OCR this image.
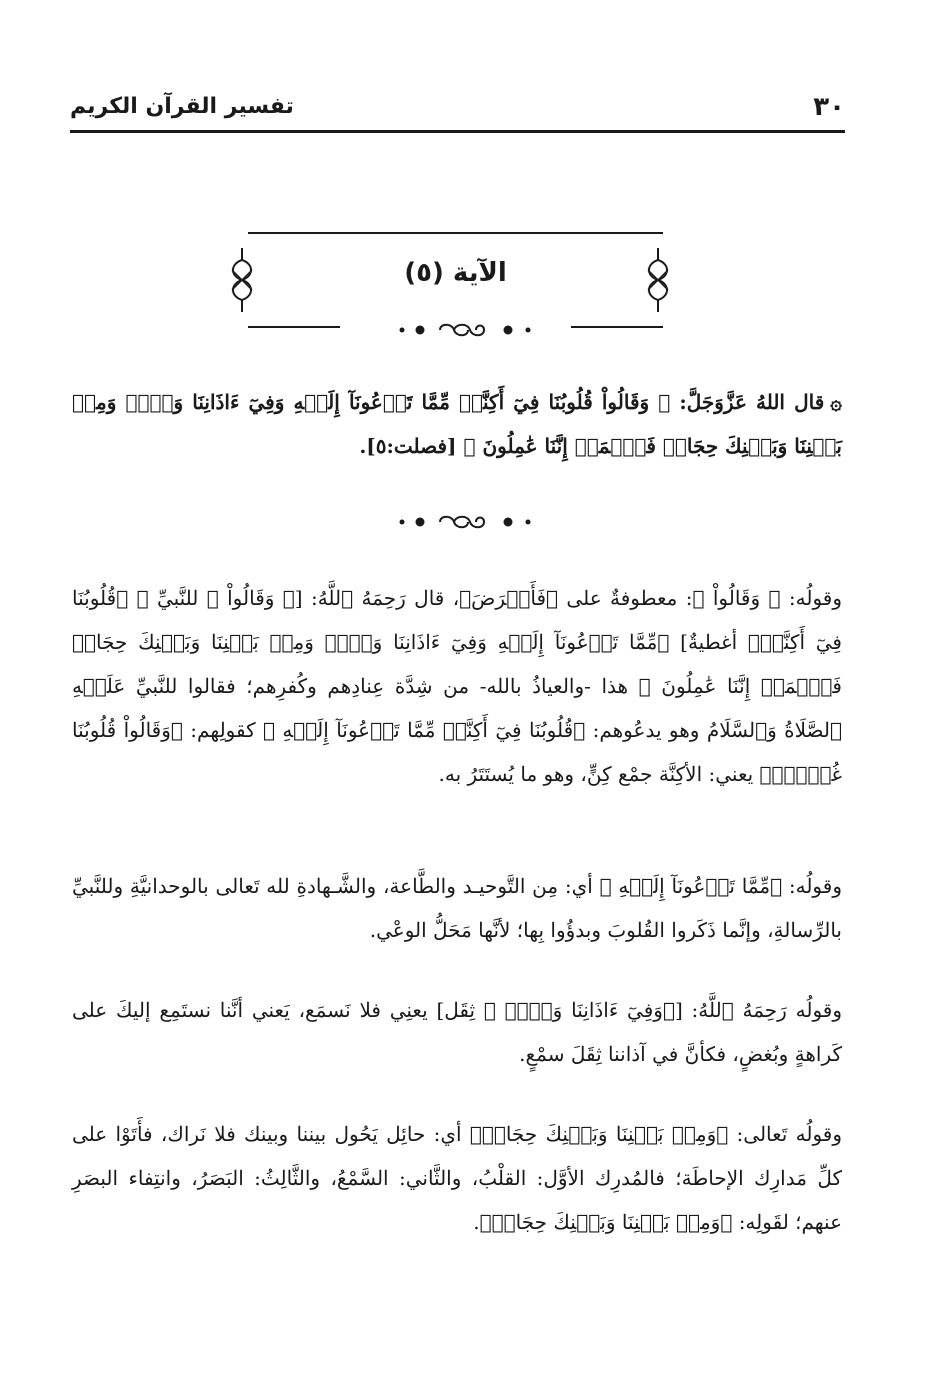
٣٠
تفسير القرآن الكريم
الآية (٥)
۞قال اللهُ عَزَّوَجَلَّ: ﴿ وَقَالُواْ قُلُوبُنَا فِيٓ أَكِنَّةٖ مِّمَّا تَدۡعُونَآ إِلَيۡهِ وَفِيٓ ءَاذَانِنَا وَقۡرٞ وَمِنۢ بَيۡنِنَا وَبَيۡنِكَ حِجَابٞ فَٱعۡمَلۡ إِنَّنَا عَٰمِلُونَ ﴾ [فصلت:٥].
وقولُه: ﴿ وَقَالُواْ ﴾: معطوفةٌ على ﴿فَأَعۡرَضَ﴾، قال رَحِمَهُ ٱللَّهُ: [﴿ وَقَالُواْ ﴾ للنَّبيِّ ﷺ ﴿قُلُوبُنَا فِيٓ أَكِنَّةٖ﴾ أغطيةٌ] ﴿مِّمَّا تَدۡعُونَآ إِلَيۡهِ وَفِيٓ ءَاذَانِنَا وَقۡرٞ وَمِنۢ بَيۡنِنَا وَبَيۡنِكَ حِجَابٞ فَٱعۡمَلۡ إِنَّنَا عَٰمِلُونَ ﴾ هذا -والعياذُ بالله- من شِدَّة عِنادِهم وكُفرِهم؛ فقالوا للنَّبيِّ عَلَيۡهِ ٱلصَّلَاةُ وَٱلسَّلَامُ وهو يدعُوهم: ﴿قُلُوبُنَا فِيٓ أَكِنَّةٖ مِّمَّا تَدۡعُونَآ إِلَيۡهِ ﴾ كقولِهم: ﴿وَقَالُواْ قُلُوبُنَا غُلۡفُۢ﴾ يعني: الأكِنَّة جمْع كِنٍّ، وهو ما يُستَتَرُ به.
وقولُه: ﴿مِّمَّا تَدۡعُونَآ إِلَيۡهِ ﴾ أي: مِن التَّوحيـد والطَّاعة، والشَّـهادةِ لله تَعالى بالوحدانيَّةِ وللنَّبيِّ بالرِّسالةِ، وإنَّما ذَكَروا القُلوبَ وبدؤُوا بِها؛ لأنَّها مَحَلُّ الوعْي.
وقولُه رَحِمَهُ ٱللَّهُ: [﴿وَفِيٓ ءَاذَانِنَا وَقۡرٞ ﴾ ثِقَل] يعنِي فلا نَسمَع، يَعني أنَّنا نستَمِع إليكَ على كَراهةٍ وبُغضٍ، فكأنَّ في آذاننا ثِقَلَ سمْعٍ.
وقولُه تَعالى: ﴿وَمِنۢ بَيۡنِنَا وَبَيۡنِكَ حِجَابٞ﴾ أي: حائِل يَحُول بيننا وبينك فلا نَراك، فأَتَوْا على كلِّ مَدارِك الإحاطَة؛ فالمُدرِك الأوَّل: القلْبُ، والثَّاني: السَّمْعُ، والثَّالِثُ: البَصَرُ، وانتِفاء البصَرِ عنهم؛ لقَولِه: ﴿وَمِنۢ بَيۡنِنَا وَبَيۡنِكَ حِجَابٞ﴾.
